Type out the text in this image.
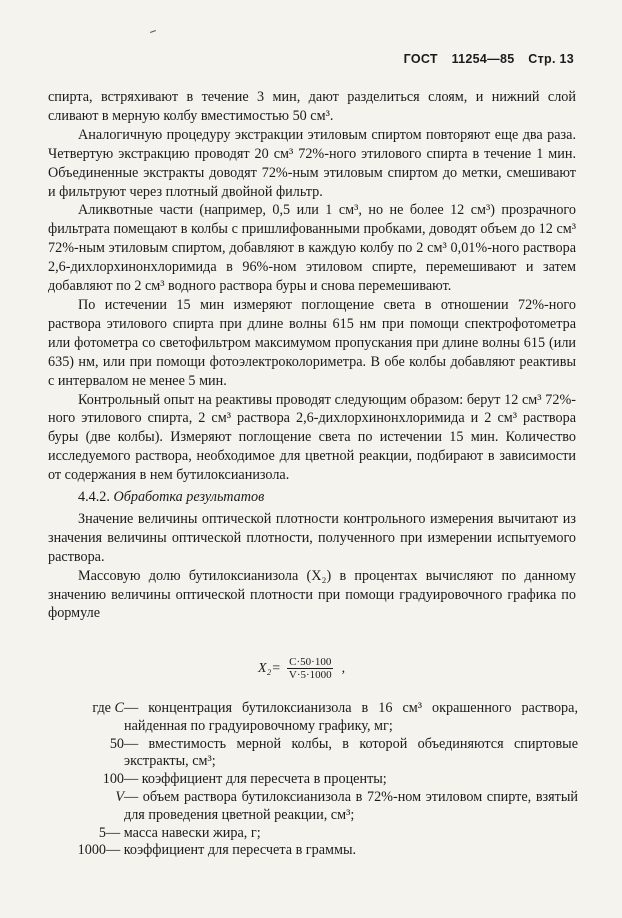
ГОСТ 11254—85 Стр. 13

спирта, встряхивают в течение 3 мин, дают разделиться слоям, и нижний слой сливают в мерную колбу вместимостью 50 см³.

Аналогичную процедуру экстракции этиловым спиртом повторяют еще два раза. Четвертую экстракцию проводят 20 см³ 72%-ного этилового спирта в течение 1 мин. Объединенные экстракты доводят 72%-ным этиловым спиртом до метки, смешивают и фильтруют через плотный двойной фильтр.

Аликвотные части (например, 0,5 или 1 см³, но не более 12 см³) прозрачного фильтрата помещают в колбы с пришлифованными пробками, доводят объем до 12 см³ 72%-ным этиловым спиртом, добавляют в каждую колбу по 2 см³ 0,01%-ного раствора 2,6-дихлорхинонхлоримида в 96%-ном этиловом спирте, перемешивают и затем добавляют по 2 см³ водного раствора буры и снова перемешивают.

По истечении 15 мин измеряют поглощение света в отношении 72%-ного раствора этилового спирта при длине волны 615 нм при помощи спектрофотометра или фотометра со светофильтром максимумом пропускания при длине волны 615 (или 635) нм, или при помощи фотоэлектроколориметра. В обе колбы добавляют реактивы с интервалом не менее 5 мин.

Контрольный опыт на реактивы проводят следующим образом: берут 12 см³ 72%-ного этилового спирта, 2 см³ раствора 2,6-дихлорхинонхлоримида и 2 см³ раствора буры (две колбы). Измеряют поглощение света по истечении 15 мин. Количество исследуемого раствора, необходимое для цветной реакции, подбирают в зависимости от содержания в нем бутилоксианизола.

4.4.2. Обработка результатов

Значение величины оптической плотности контрольного измерения вычитают из значения величины оптической плотности, полученного при измерении испытуемого раствора.

Массовую долю бутилоксианизола (X₂) в процентах вычисляют по данному значению величины оптической плотности при помощи градуировочного графика по формуле

$X_2= \frac{C\cdot 50\cdot 100}{V\cdot 5\cdot 1000}$ ,
где C — концентрация бутилоксианизола в 16 см³ окрашенного раствора, найденная по градуировочному графику, мг;
50 — вместимость мерной колбы, в которой объединяются спиртовые экстракты, см³;
100 — коэффициент для пересчета в проценты;
V — объем раствора бутилоксианизола в 72%-ном этиловом спирте, взятый для проведения цветной реакции, см³;
5 — масса навески жира, г;
1000 — коэффициент для пересчета в граммы.
